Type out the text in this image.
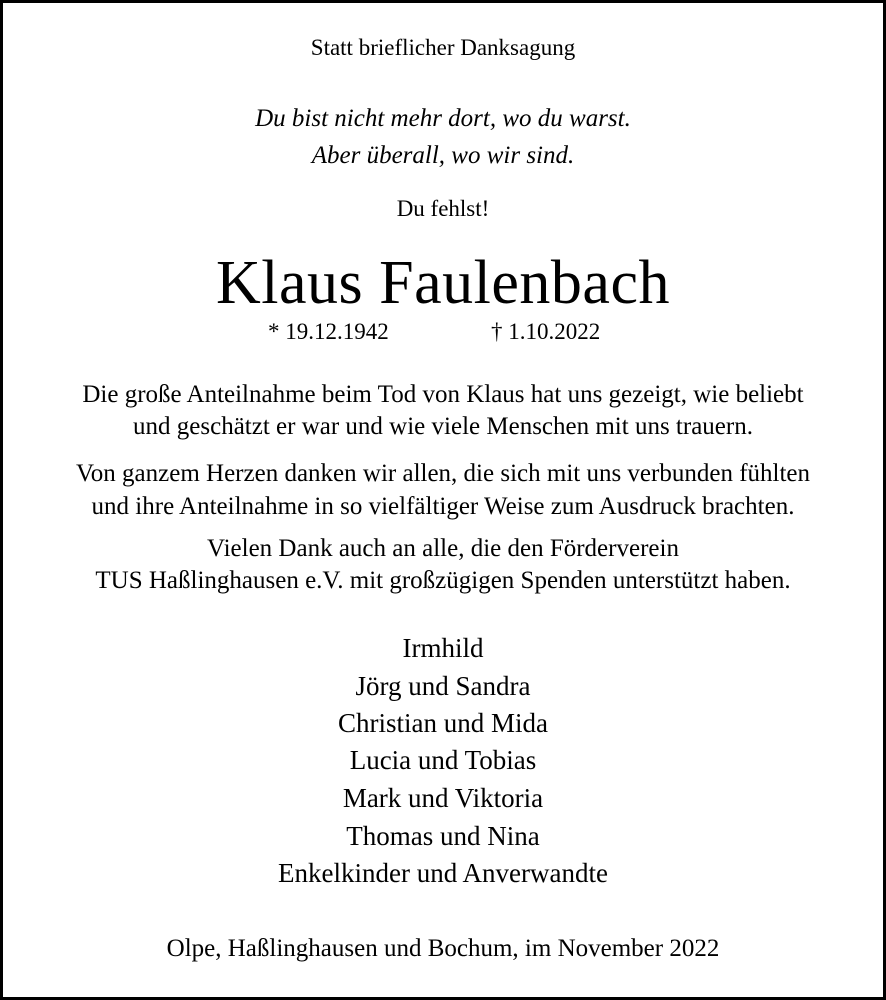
Statt brieflicher Danksagung
Du bist nicht mehr dort, wo du warst.
Aber überall, wo wir sind.
Du fehlst!
Klaus Faulenbach
* 19.12.1942	† 1.10.2022
Die große Anteilnahme beim Tod von Klaus hat uns gezeigt, wie beliebt
und geschätzt er war und wie viele Menschen mit uns trauern.
Von ganzem Herzen danken wir allen, die sich mit uns verbunden fühlten
und ihre Anteilnahme in so vielfältiger Weise zum Ausdruck brachten.
Vielen Dank auch an alle, die den Förderverein
TUS Haßlinghausen e.V. mit großzügigen Spenden unterstützt haben.
Irmhild
Jörg und Sandra
Christian und Mida
Lucia und Tobias
Mark und Viktoria
Thomas und Nina
Enkelkinder und Anverwandte
Olpe, Haßlinghausen und Bochum, im November 2022
